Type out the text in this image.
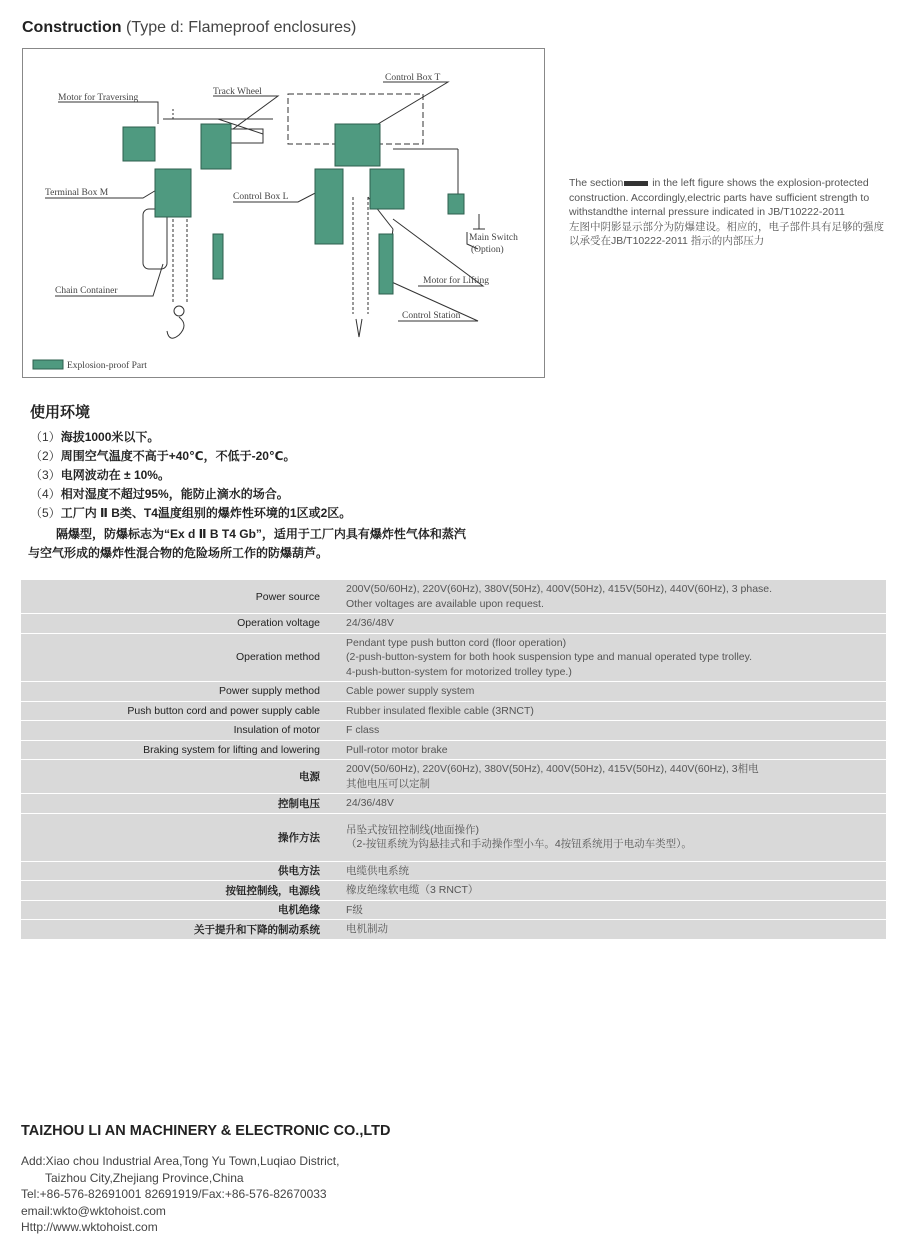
Construction (Type d: Flameproof enclosures)
Motor for Traversing
Track Wheel
Control Box T
Terminal Box M	Control Box L
Main Switch
(Option)
Motor for Lifting
Chain Container
Control Station
Explosion-proof Part
The section in the left figure shows the explosion-protected construction. Accordingly,electric parts have sufficient strength to withstandthe internal pressure indicated in JB/T10222-2011
左图中阴影显示部分为防爆建设。相应的，电子部件具有足够的强度以承受在JB/T10222-2011 指示的内部压力
使用环境
（1）海拔1000米以下。
（2）周围空气温度不高于+40℃，不低于-20℃。
（3）电网波动在 ± 10%。
（4）相对湿度不超过95%，能防止滴水的场合。
（5）工厂内 Ⅱ B类、T4温度组别的爆炸性环境的1区或2区。
隔爆型，防爆标志为“Ex d Ⅱ B T4 Gb”，适用于工厂内具有爆炸性气体和蒸汽
与空气形成的爆炸性混合物的危险场所工作的防爆葫芦。
Power source	200V(50/60Hz), 220V(60Hz), 380V(50Hz), 400V(50Hz), 415V(50Hz), 440V(60Hz), 3 phase.
Other voltages are available upon request.

Operation voltage	24/36/48V

Operation method	Pendant type push button cord (floor operation)
(2-push-button-system for both hook suspension type and manual operated type trolley.
4-push-button-system for motorized trolley type.)

Power supply method	Cable power supply system

Push button cord and power supply cable	Rubber insulated flexible cable (3RNCT)

Insulation of motor	F class

Braking system for lifting and lowering	Pull-rotor motor brake
电源	200V(50/60Hz), 220V(60Hz), 380V(50Hz), 400V(50Hz), 415V(50Hz), 440V(60Hz), 3相电
其他电压可以定制

控制电压	24/36/48V

操作方法	吊坠式按钮控制线(地面操作)
（2-按钮系统为钩悬挂式和手动操作型小车。4按钮系统用于电动车类型）。

供电方法	电缆供电系统

按钮控制线，电源线	橡皮绝缘软电缆（3 RNCT）

电机绝缘	F级

关于提升和下降的制动系统	电机制动
TAIZHOU LI AN MACHINERY & ELECTRONIC CO.,LTD
Add:Xiao chou Industrial Area,Tong Yu Town,Luqiao District,
Taizhou City,Zhejiang Province,China
Tel:+86-576-82691001 82691919/Fax:+86-576-82670033
email:wkto@wktohoist.com
Http://www.wktohoist.com
